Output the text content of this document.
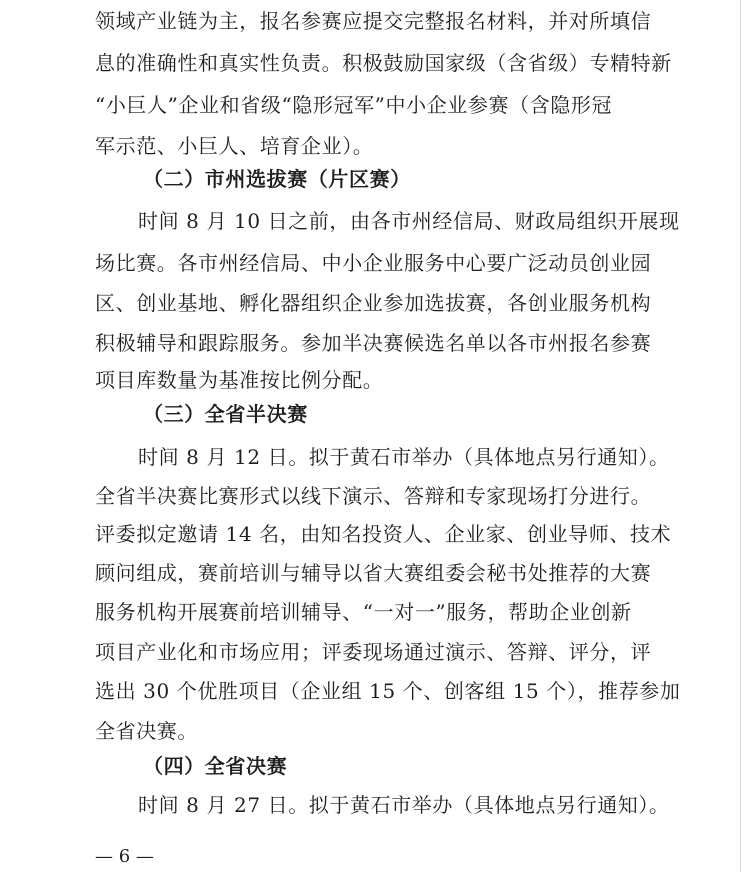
领域产业链为主，报名参赛应提交完整报名材料，并对所填信
息的准确性和真实性负责。积极鼓励国家级（含省级）专精特新
“小巨人”企业和省级“隐形冠军”中小企业参赛（含隐形冠
军示范、小巨人、培育企业）。
（二）市州选拔赛（片区赛）
时间 8 月 10 日之前，由各市州经信局、财政局组织开展现
场比赛。各市州经信局、中小企业服务中心要广泛动员创业园
区、创业基地、孵化器组织企业参加选拔赛，各创业服务机构
积极辅导和跟踪服务。参加半决赛候选名单以各市州报名参赛
项目库数量为基准按比例分配。
（三）全省半决赛
时间 8 月 12 日。拟于黄石市举办（具体地点另行通知）。
全省半决赛比赛形式以线下演示、答辩和专家现场打分进行。
评委拟定邀请 14 名，由知名投资人、企业家、创业导师、技术
顾问组成，赛前培训与辅导以省大赛组委会秘书处推荐的大赛
服务机构开展赛前培训辅导、“一对一”服务，帮助企业创新
项目产业化和市场应用；评委现场通过演示、答辩、评分，评
选出 30 个优胜项目（企业组 15 个、创客组 15 个），推荐参加
全省决赛。
（四）全省决赛
时间 8 月 27 日。拟于黄石市举办（具体地点另行通知）。
— 6 —
